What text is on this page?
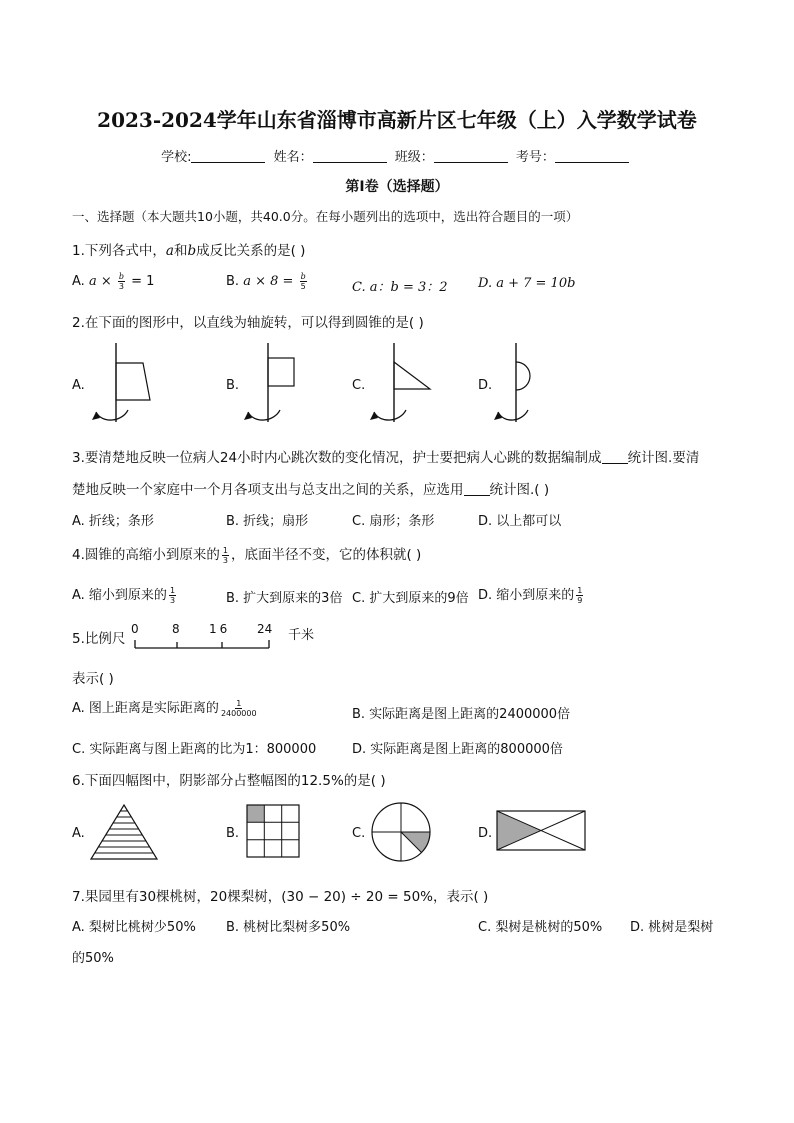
2023-2024学年山东省淄博市高新片区七年级（上）入学数学试卷
学校:	姓名：	班级：	考号：
第I卷（选择题）
一、选择题（本大题共10小题，共40.0分。在每小题列出的选项中，选出符合题目的一项）
1.下列各式中，a和b成反比关系的是( )
A. $a \times \frac{b}{3} = 1$	B. $a \times 8 = \frac{b}{5}$	C. a：b = 3：2 D. a + 7 = 10b
2.在下面的图形中，以直线为轴旋转，可以得到圆锥的是( )
A.	B.	C.	D.
3.要清楚地反映一位病人24小时内心跳次数的变化情况，护士要把病人心跳的数据编制成 统计图.要清
楚地反映一个家庭中一个月各项支出与总支出之间的关系，应选用 统计图.( )
A. 折线；条形	B. 折线；扇形	C. 扇形；条形	D. 以上都可以
4.圆锥的高缩小到原来的 $\frac{1}{3}$ ，底面半径不变，它的体积就( )
A. 缩小到原来的 $\frac{1}{3}$	B. 扩大到原来的3倍 C. 扩大到原来的9倍 D. 缩小到原来的 $\frac{1}{9}$
5.比例尺
0	8 16 24 千米
表示( )
A. 图上距离是实际距离的 $\frac{1}{2400000}$	B. 实际距离是图上距离的2400000倍
C. 实际距离与图上距离的比为1：800000	D. 实际距离是图上距离的800000倍
6.下面四幅图中，阴影部分占整幅图的12.5%的是( )
A.	B.	C.	D.
7.果园里有30棵桃树，20棵梨树，(30 − 20) ÷ 20 = 50%，表示( )
A. 梨树比桃树少50% B. 桃树比梨树多50%	C. 梨树是桃树的50% D. 桃树是梨树
的50%
